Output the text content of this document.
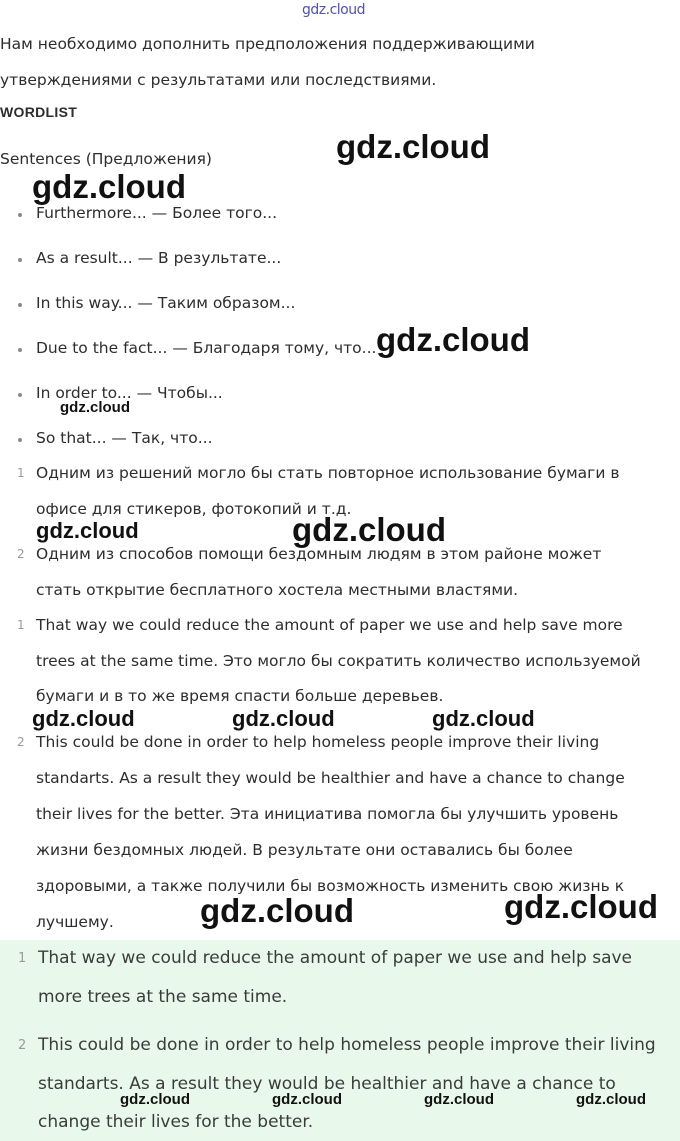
gdz.cloud
Нам необходимо дополнить предположения поддерживающими
утверждениями с результатами или последствиями.
WORDLIST
Sentences (Предложения)
Furthermore... — Более того...
As a result... — В результате...
In this way... — Таким образом...
Due to the fact... — Благодаря тому, что...
In order to... — Чтобы...
So that... — Так, что...
1 Одним из решений могло бы стать повторное использование бумаги в
офисе для стикеров, фотокопий и т.д.
2 Одним из способов помощи бездомным людям в этом районе может
стать открытие бесплатного хостела местными властями.
1 That way we could reduce the amount of paper we use and help save more
trees at the same time. Это могло бы сократить количество используемой
бумаги и в то же время спасти больше деревьев.
2 This could be done in order to help homeless people improve their living
standarts. As a result they would be healthier and have a chance to change
their lives for the better. Эта инициатива помогла бы улучшить уровень
жизни бездомных людей. В результате они оставались бы более
здоровыми, а также получили бы возможность изменить свою жизнь к
лучшему.
1 That way we could reduce the amount of paper we use and help save
more trees at the same time.
2 This could be done in order to help homeless people improve their living
standarts. As a result they would be healthier and have a chance to
change their lives for the better.
gdz.cloud
gdz.cloud
gdz.cloud
gdz.cloud
gdz.cloud	gdz.cloud
gdz.cloud	gdz.cloud	gdz.cloud
gdz.cloud	gdz.cloud
gdz.cloud	gdz.cloud	gdz.cloud	gdz.cloud
